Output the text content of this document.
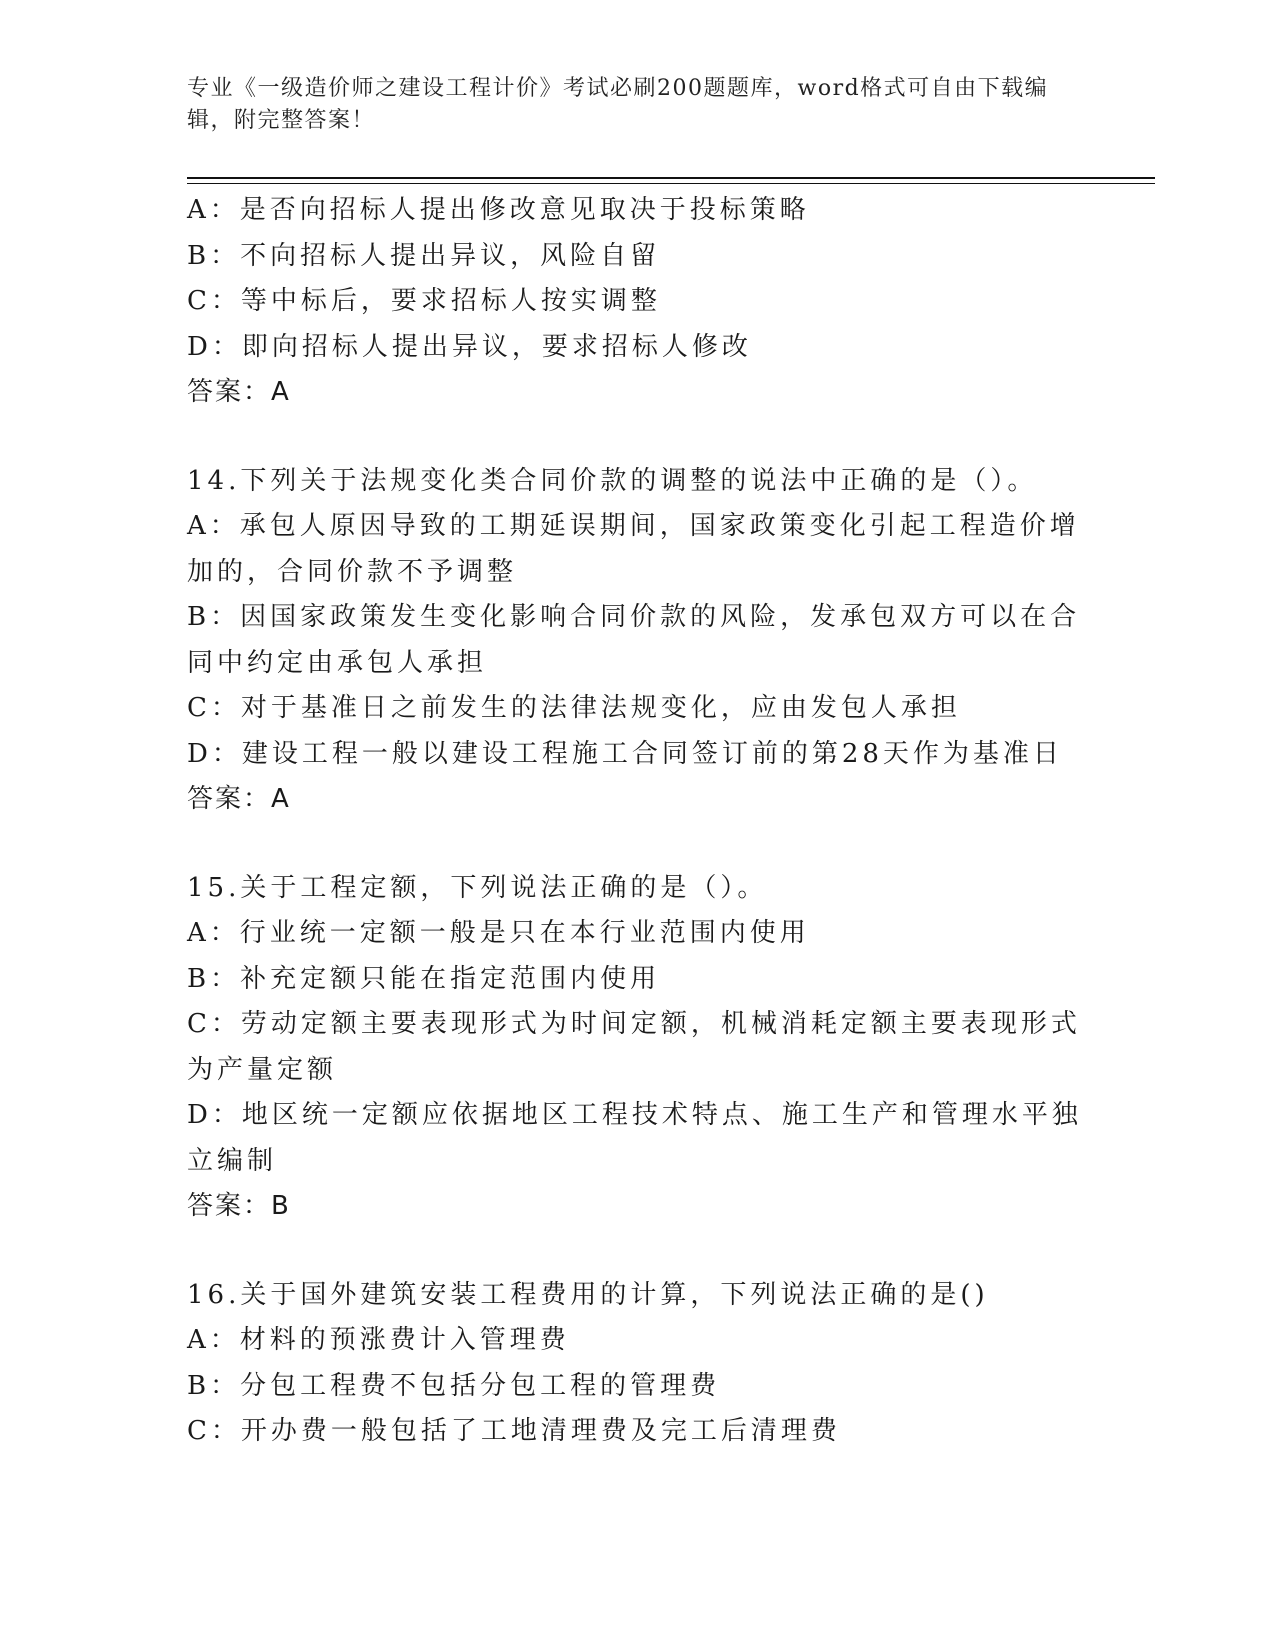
专业《一级造价师之建设工程计价》考试必刷200题题库，word格式可自由下载编辑，附完整答案！

A：是否向招标人提出修改意见取决于投标策略

B：不向招标人提出异议，风险自留

C：等中标后，要求招标人按实调整

D：即向招标人提出异议，要求招标人修改

答案：A

14.下列关于法规变化类合同价款的调整的说法中正确的是（）。

A：承包人原因导致的工期延误期间，国家政策变化引起工程造价增加的，合同价款不予调整

B：因国家政策发生变化影响合同价款的风险，发承包双方可以在合同中约定由承包人承担

C：对于基准日之前发生的法律法规变化，应由发包人承担

D：建设工程一般以建设工程施工合同签订前的第28天作为基准日

答案：A

15.关于工程定额，下列说法正确的是（）。

A：行业统一定额一般是只在本行业范围内使用

B：补充定额只能在指定范围内使用

C：劳动定额主要表现形式为时间定额，机械消耗定额主要表现形式为产量定额

D：地区统一定额应依据地区工程技术特点、施工生产和管理水平独立编制

答案：B

16.关于国外建筑安装工程费用的计算，下列说法正确的是()

A：材料的预涨费计入管理费

B：分包工程费不包括分包工程的管理费

C：开办费一般包括了工地清理费及完工后清理费
